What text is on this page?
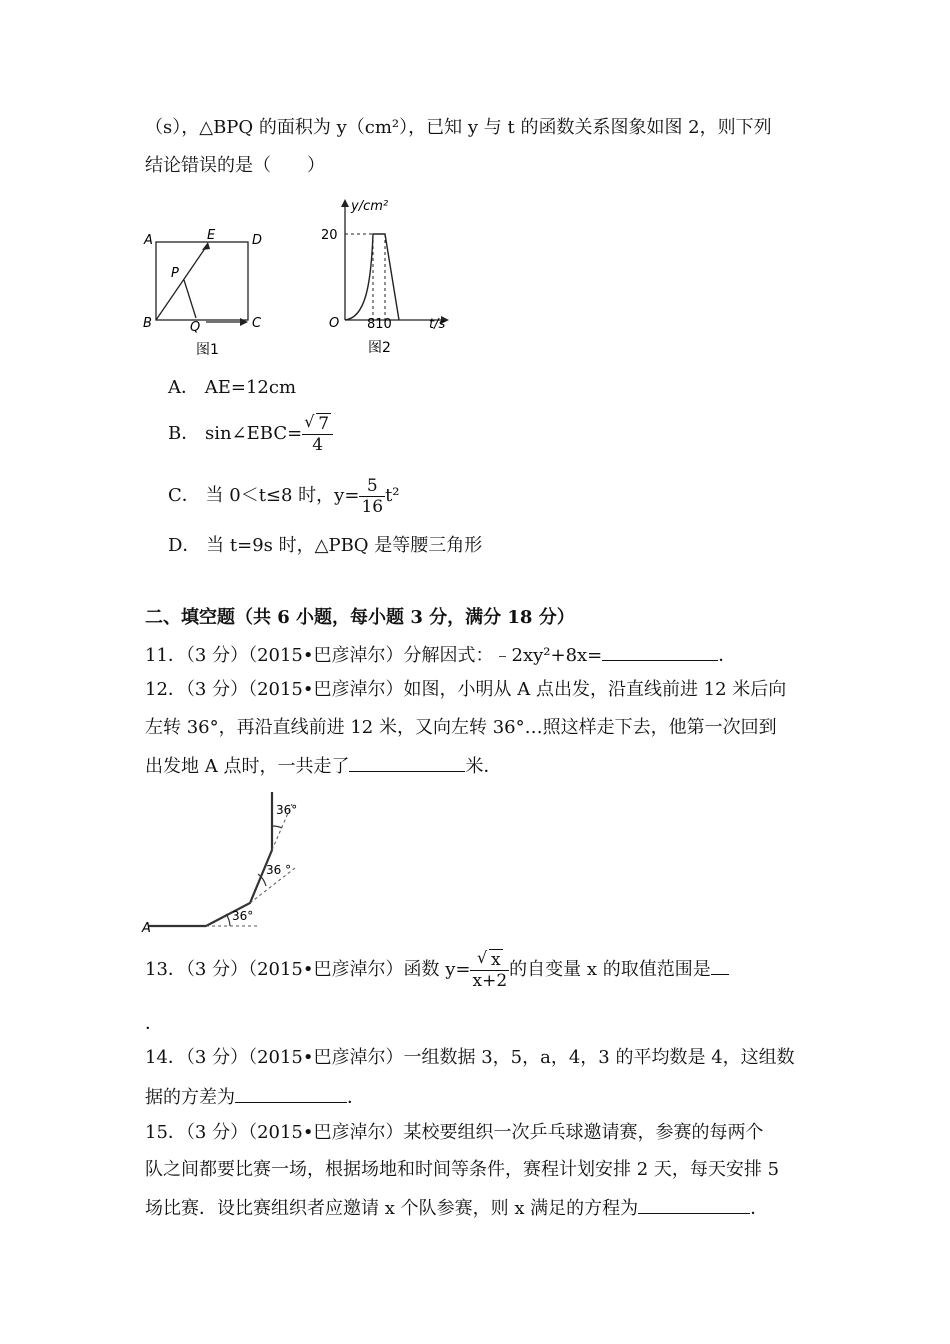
（s），△BPQ 的面积为 y（cm²），已知 y 与 t 的函数关系图象如图 2，则下列
结论错误的是（　　）
A	D
E
P
B	Q	C
图1
y/cm²
20
O 810	t/s
图2
A． AE=12cm
B． sin∠EBC= √ $\frac{7}{4}$
C． 当 0＜t≤8 时，$y= \frac{5}{16} t^2$
D． 当 t=9s 时，△PBQ 是等腰三角形
二、填空题（共 6 小题，每小题 3 分，满分 18 分）
11．（3 分）（2015•巴彦淖尔）分解因式：﹣2xy²+8x=	．
12．（3 分）（2015•巴彦淖尔）如图，小明从 A 点出发，沿直线前进 12 米后向
左转 36°，再沿直线前进 12 米，又向左转 36°…照这样走下去，他第一次回到
出发地 A 点时，一共走了	米．
36°
36 °
36°
A
13．（3 分）（2015•巴彦淖尔）函数 y= √ $\frac{x}{x+2}$ 的自变量 x 的取值范围是
．
14．（3 分）（2015•巴彦淖尔）一组数据 3，5，a，4，3 的平均数是 4，这组数
据的方差为	．
15．（3 分）（2015•巴彦淖尔）某校要组织一次乒乓球邀请赛，参赛的每两个
队之间都要比赛一场，根据场地和时间等条件，赛程计划安排 2 天，每天安排 5
场比赛．设比赛组织者应邀请 x 个队参赛，则 x 满足的方程为	．
